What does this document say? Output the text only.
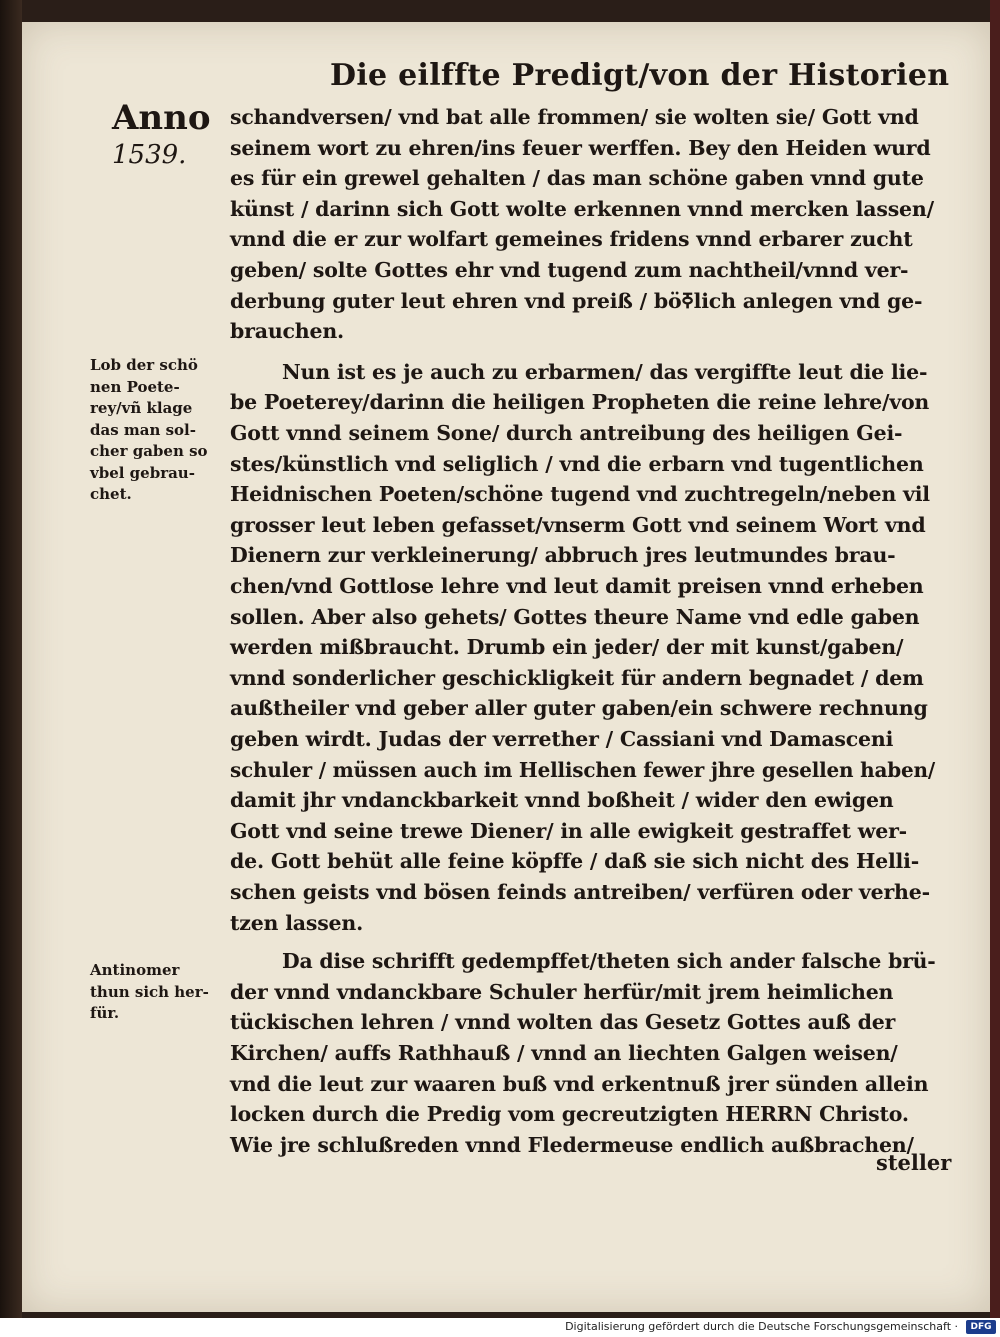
Die eilffte Predigt/von der Historien
Anno
1539.
Lob der schö
nen Poete-
rey/vñ klage
das man sol-
cher gaben so
vbel gebrau-
chet.
Antinomer
thun sich her-
für.
schandversen/ vnd bat alle frommen/ sie wolten sie/ Gott vnd
seinem wort zu ehren/ins feuer werffen. Bey den Heiden wurd
es für ein grewel gehalten / das man schöne gaben vnnd gute
künst / darinn sich Gott wolte erkennen vnnd mercken lassen/
vnnd die er zur wolfart gemeines fridens vnnd erbarer zucht
geben/ solte Gottes ehr vnd tugend zum nachtheil/vnnd ver-
derbung guter leut ehren vnd preiß / böߧlich anlegen vnd ge-
brauchen.
Nun ist es je auch zu erbarmen/ das vergiffte leut die lie-
be Poeterey/darinn die heiligen Propheten die reine lehre/von
Gott vnnd seinem Sone/ durch antreibung des heiligen Gei-
stes/künstlich vnd seliglich / vnd die erbarn vnd tugentlichen
Heidnischen Poeten/schöne tugend vnd zuchtregeln/neben vil
grosser leut leben gefasset/vnserm Gott vnd seinem Wort vnd
Dienern zur verkleinerung/ abbruch jres leutmundes brau-
chen/vnd Gottlose lehre vnd leut damit preisen vnnd erheben
sollen. Aber also gehets/ Gottes theure Name vnd edle gaben
werden mißbraucht. Drumb ein jeder/ der mit kunst/gaben/
vnnd sonderlicher geschickligkeit für andern begnadet / dem
außtheiler vnd geber aller guter gaben/ein schwere rechnung
geben wirdt. Judas der verrether / Cassiani vnd Damasceni
schuler / müssen auch im Hellischen fewer jhre gesellen haben/
damit jhr vndanckbarkeit vnnd boßheit / wider den ewigen
Gott vnd seine trewe Diener/ in alle ewigkeit gestraffet wer-
de. Gott behüt alle feine köpffe / daß sie sich nicht des Helli-
schen geists vnd bösen feinds antreiben/ verfüren oder verhe-
tzen lassen.
Da dise schrifft gedempffet/theten sich ander falsche brü-
der vnnd vndanckbare Schuler herfür/mit jrem heimlichen
tückischen lehren / vnnd wolten das Gesetz Gottes auß der
Kirchen/ auffs Rathhauß / vnnd an liechten Galgen weisen/
vnd die leut zur waaren buß vnd erkentnuß jrer sünden allein
locken durch die Predig vom gecreutzigten HERRN Christo.
Wie jre schlußreden vnnd Fledermeuse endlich außbrachen/
steller
Digitalisierung gefördert durch die Deutsche Forschungsgemeinschaft ·	DFG
